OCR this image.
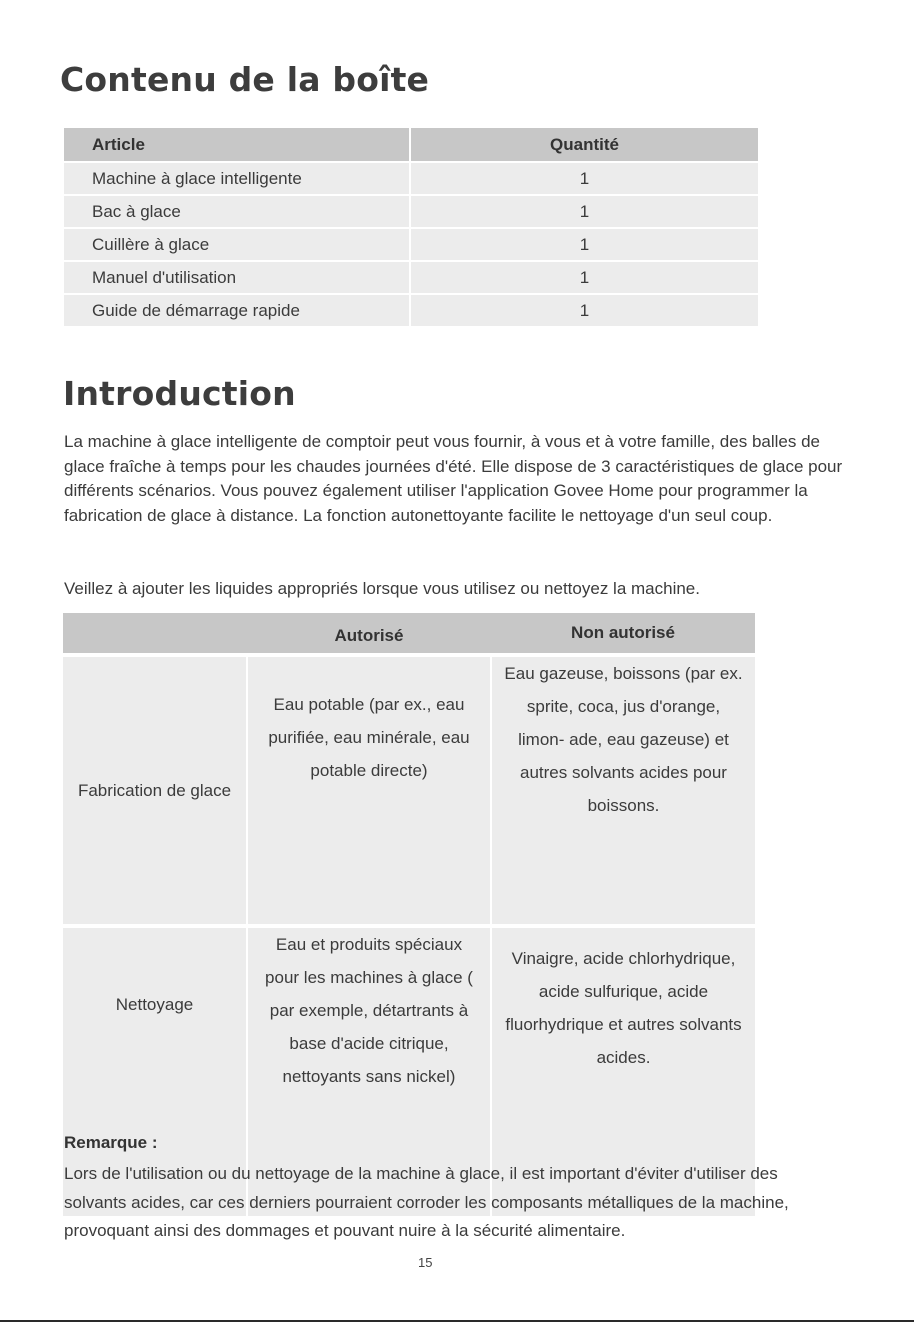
Contenu de la boîte
Article	Quantité
Machine à glace intelligente	1
Bac à glace	1
Cuillère à glace	1
Manuel d'utilisation	1
Guide de démarrage rapide	1
Introduction

La machine à glace intelligente de comptoir peut vous fournir, à vous et à votre famille, des balles de glace fraîche à temps pour les chaudes journées d'été. Elle dispose de 3 caractéristiques de glace pour différents scénarios. Vous pouvez également utiliser l'application Govee Home pour programmer la fabrication de glace à distance. La fonction autonettoyante facilite le nettoyage d'un seul coup.

Veillez à ajouter les liquides appropriés lorsque vous utilisez ou nettoyez la machine.

	Autorisé	Non autorisé
Fabrication de glace	Eau potable (par ex., eau purifiée, eau minérale, eau potable directe)	Eau gazeuse, boissons (par ex. sprite, coca, jus d'orange, limon- ade, eau gazeuse) et autres solvants acides pour boissons.
Nettoyage	Eau et produits spéciaux pour les machines à glace ( par exemple, détartrants à base d'acide citrique, nettoyants sans nickel)	Vinaigre, acide chlorhydrique, acide sulfurique, acide fluorhydrique et autres solvants acides.

Remarque :

Lors de l'utilisation ou du nettoyage de la machine à glace, il est important d'éviter d'utiliser des solvants acides, car ces derniers pourraient corroder les composants métalliques de la machine, provoquant ainsi des dommages et pouvant nuire à la sécurité alimentaire.

15
